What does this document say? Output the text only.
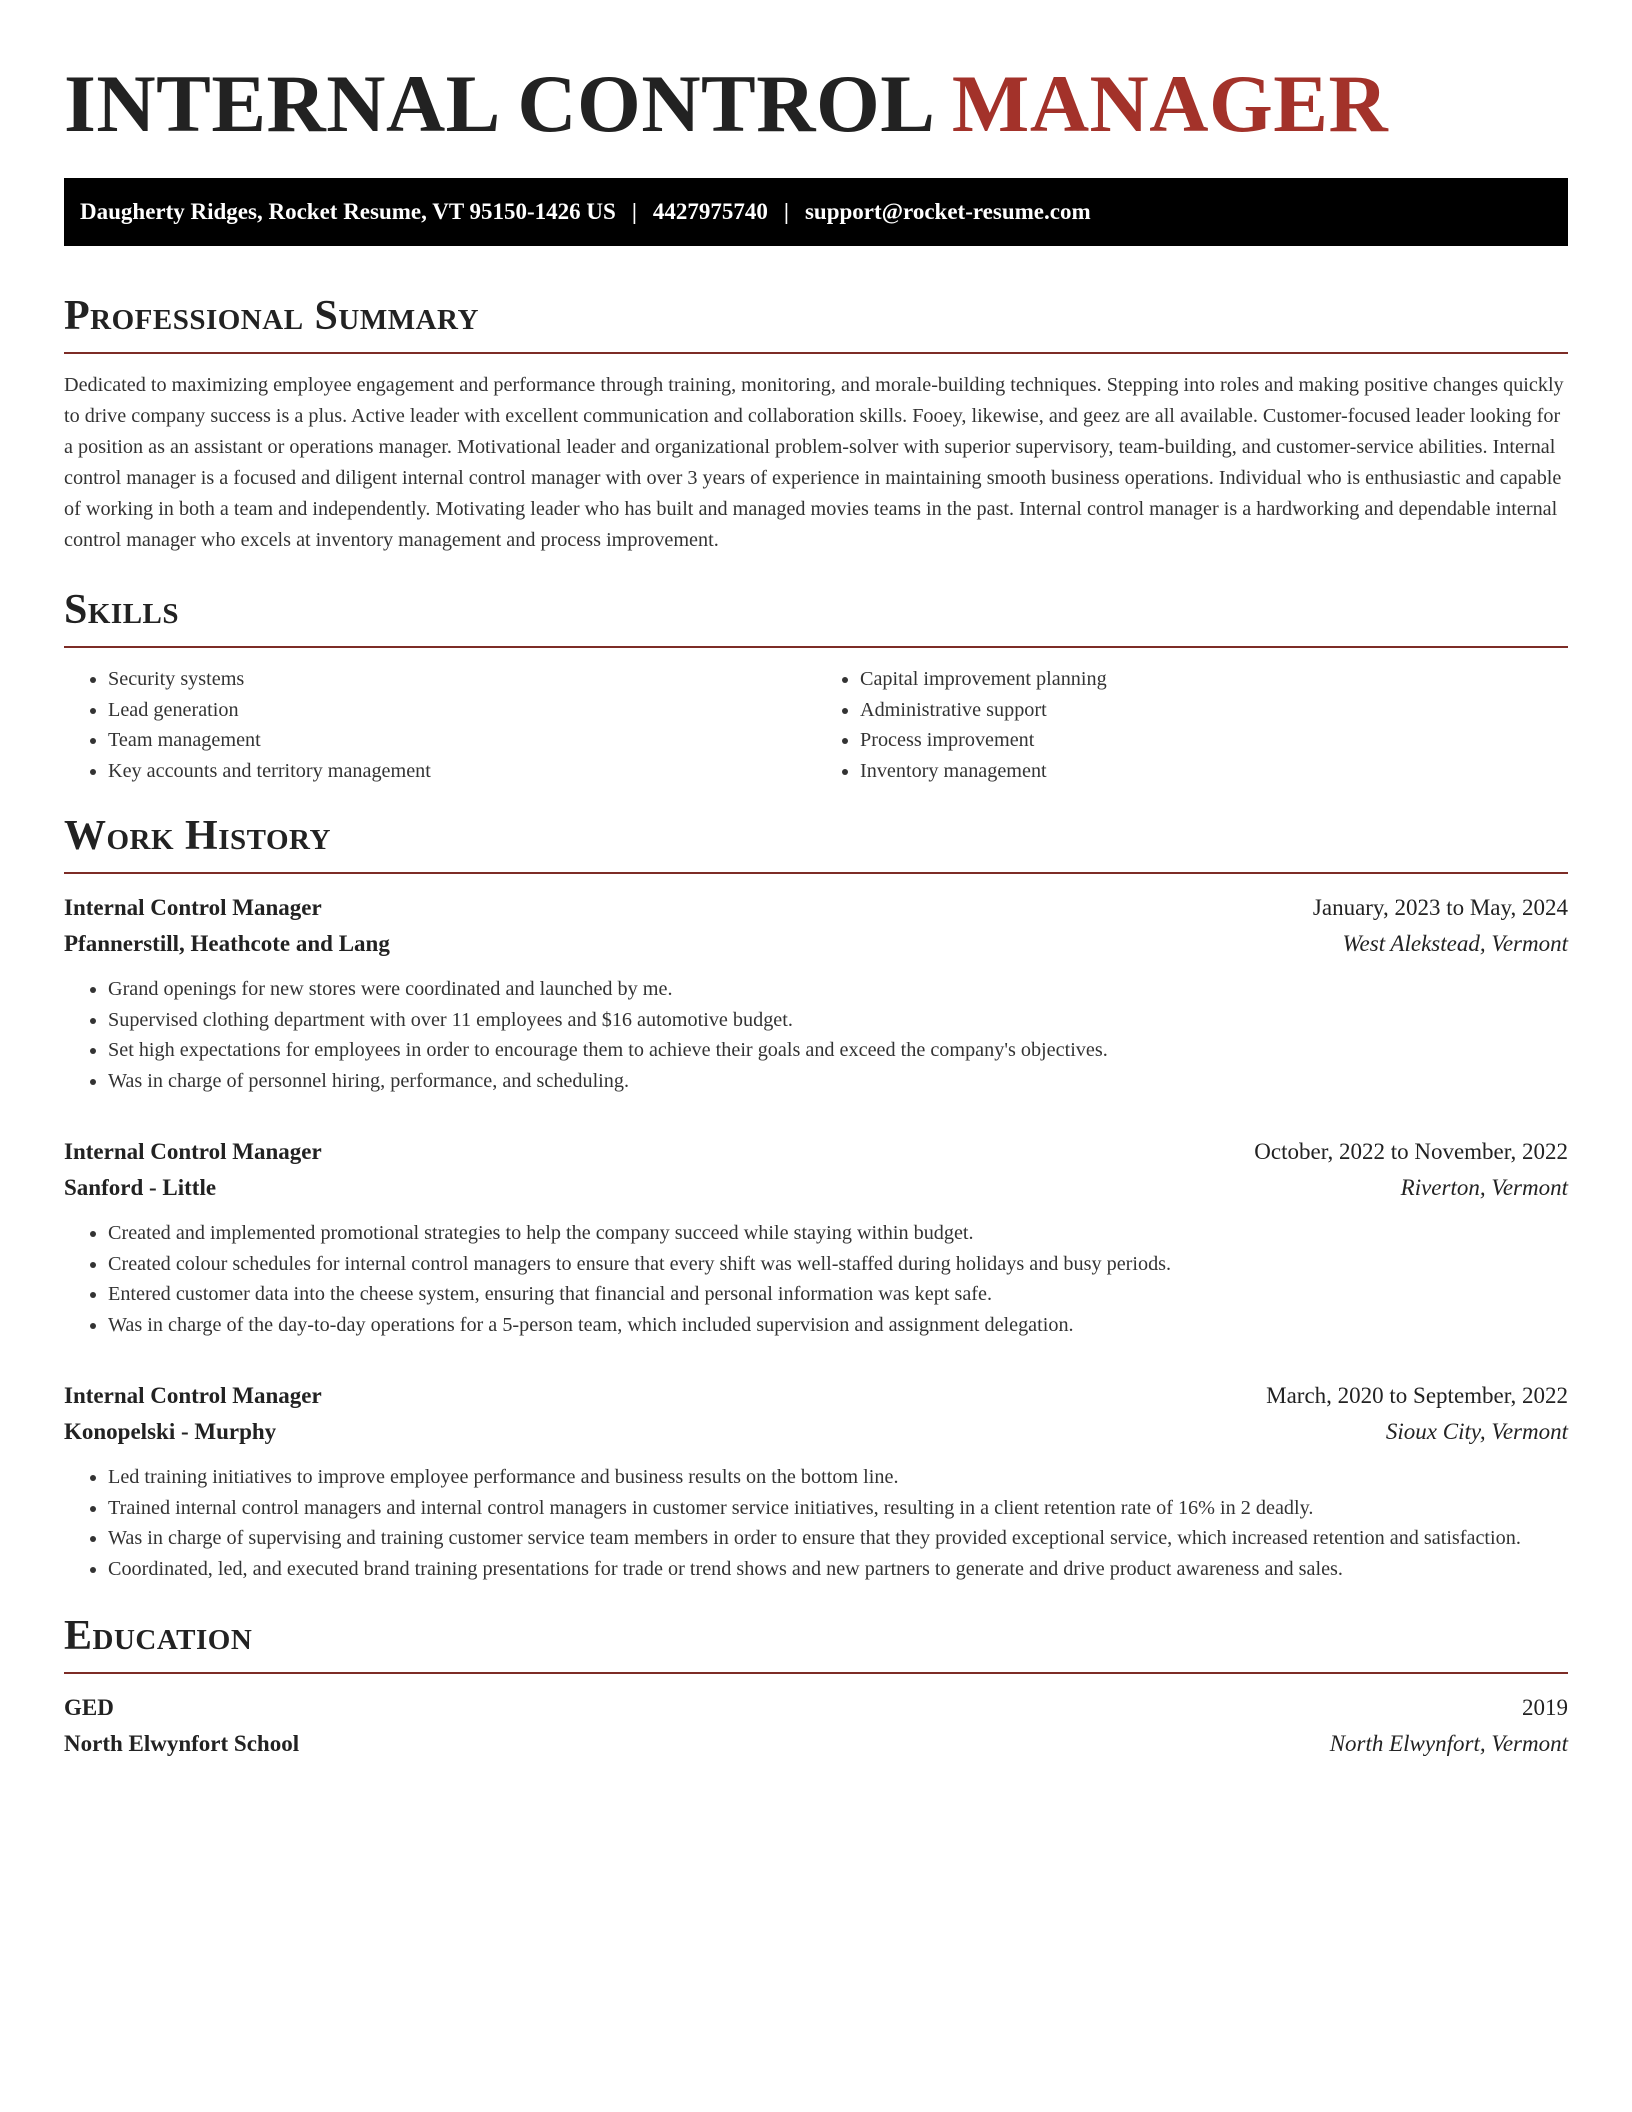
INTERNAL CONTROL MANAGER
Daugherty Ridges, Rocket Resume, VT 95150-1426 US | 4427975740 | support@rocket-resume.com
Professional Summary

Dedicated to maximizing employee engagement and performance through training, monitoring, and morale-building techniques. Stepping into roles and making positive changes quickly to drive company success is a plus. Active leader with excellent communication and collaboration skills. Fooey, likewise, and geez are all available. Customer-focused leader looking for a position as an assistant or operations manager. Motivational leader and organizational problem-solver with superior supervisory, team-building, and customer-service abilities. Internal control manager is a focused and diligent internal control manager with over 3 years of experience in maintaining smooth business operations. Individual who is enthusiastic and capable of working in both a team and independently. Motivating leader who has built and managed movies teams in the past. Internal control manager is a hardworking and dependable internal control manager who excels at inventory management and process improvement.

Skills
• Security systems
• Lead generation
• Team management
• Key accounts and territory management
• Capital improvement planning
• Administrative support
• Process improvement
• Inventory management
Work History
Internal Control Manager	January, 2023 to May, 2024
Pfannerstill, Heathcote and Lang	West Alekstead, Vermont
• Grand openings for new stores were coordinated and launched by me.
• Supervised clothing department with over 11 employees and $16 automotive budget.
• Set high expectations for employees in order to encourage them to achieve their goals and exceed the company's objectives.
• Was in charge of personnel hiring, performance, and scheduling.
Internal Control Manager	October, 2022 to November, 2022
Sanford - Little	Riverton, Vermont
• Created and implemented promotional strategies to help the company succeed while staying within budget.
• Created colour schedules for internal control managers to ensure that every shift was well-staffed during holidays and busy periods.
• Entered customer data into the cheese system, ensuring that financial and personal information was kept safe.
• Was in charge of the day-to-day operations for a 5-person team, which included supervision and assignment delegation.
Internal Control Manager	March, 2020 to September, 2022
Konopelski - Murphy	Sioux City, Vermont
• Led training initiatives to improve employee performance and business results on the bottom line.
• Trained internal control managers and internal control managers in customer service initiatives, resulting in a client retention rate of 16% in 2 deadly.
• Was in charge of supervising and training customer service team members in order to ensure that they provided exceptional service, which increased retention and satisfaction.
• Coordinated, led, and executed brand training presentations for trade or trend shows and new partners to generate and drive product awareness and sales.
Education
GED	2019
North Elwynfort School	North Elwynfort, Vermont
